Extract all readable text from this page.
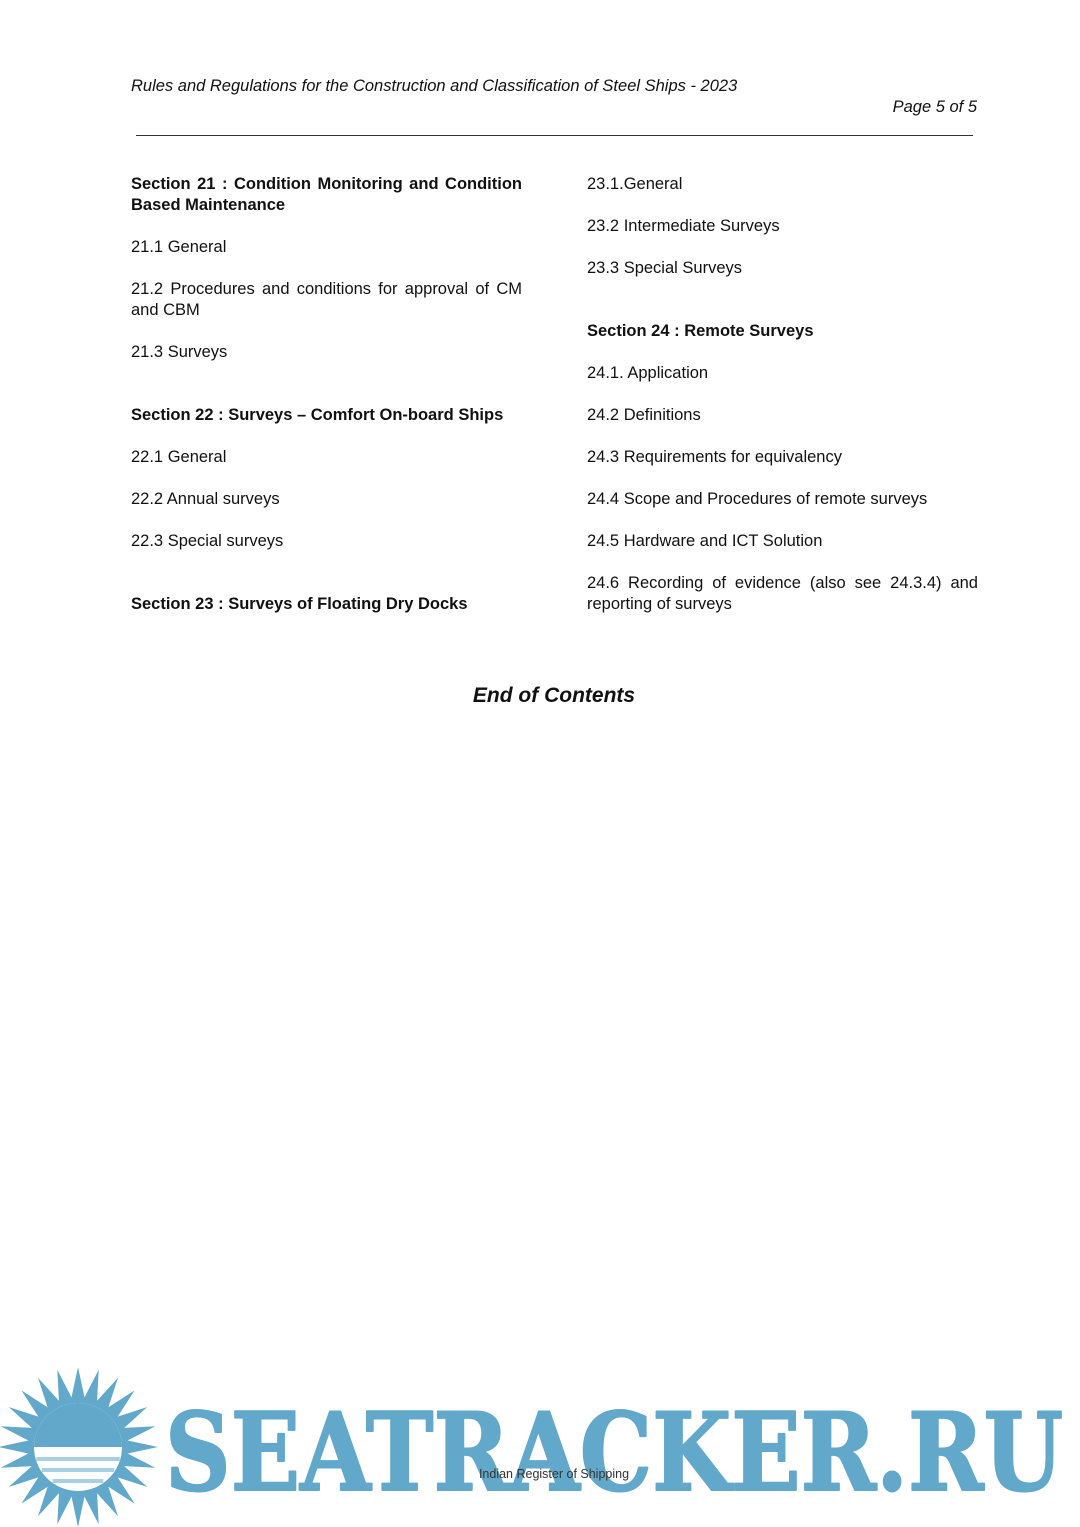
Rules and Regulations for the Construction and Classification of Steel Ships - 2023
Page 5 of 5

Section 21 : Condition Monitoring and Condition Based Maintenance

21.1 General

21.2 Procedures and conditions for approval of CM and CBM

21.3 Surveys

Section 22 : Surveys – Comfort On-board Ships

22.1 General

22.2 Annual surveys

22.3 Special surveys

Section 23 : Surveys of Floating Dry Docks

23.1.General

23.2 Intermediate Surveys

23.3 Special Surveys

Section 24 : Remote Surveys

24.1. Application

24.2 Definitions

24.3 Requirements for equivalency

24.4 Scope and Procedures of remote surveys

24.5 Hardware and ICT Solution

24.6 Recording of evidence (also see 24.3.4) and reporting of surveys

End of Contents
SEATRACKER.RU
Indian Register of Shipping
